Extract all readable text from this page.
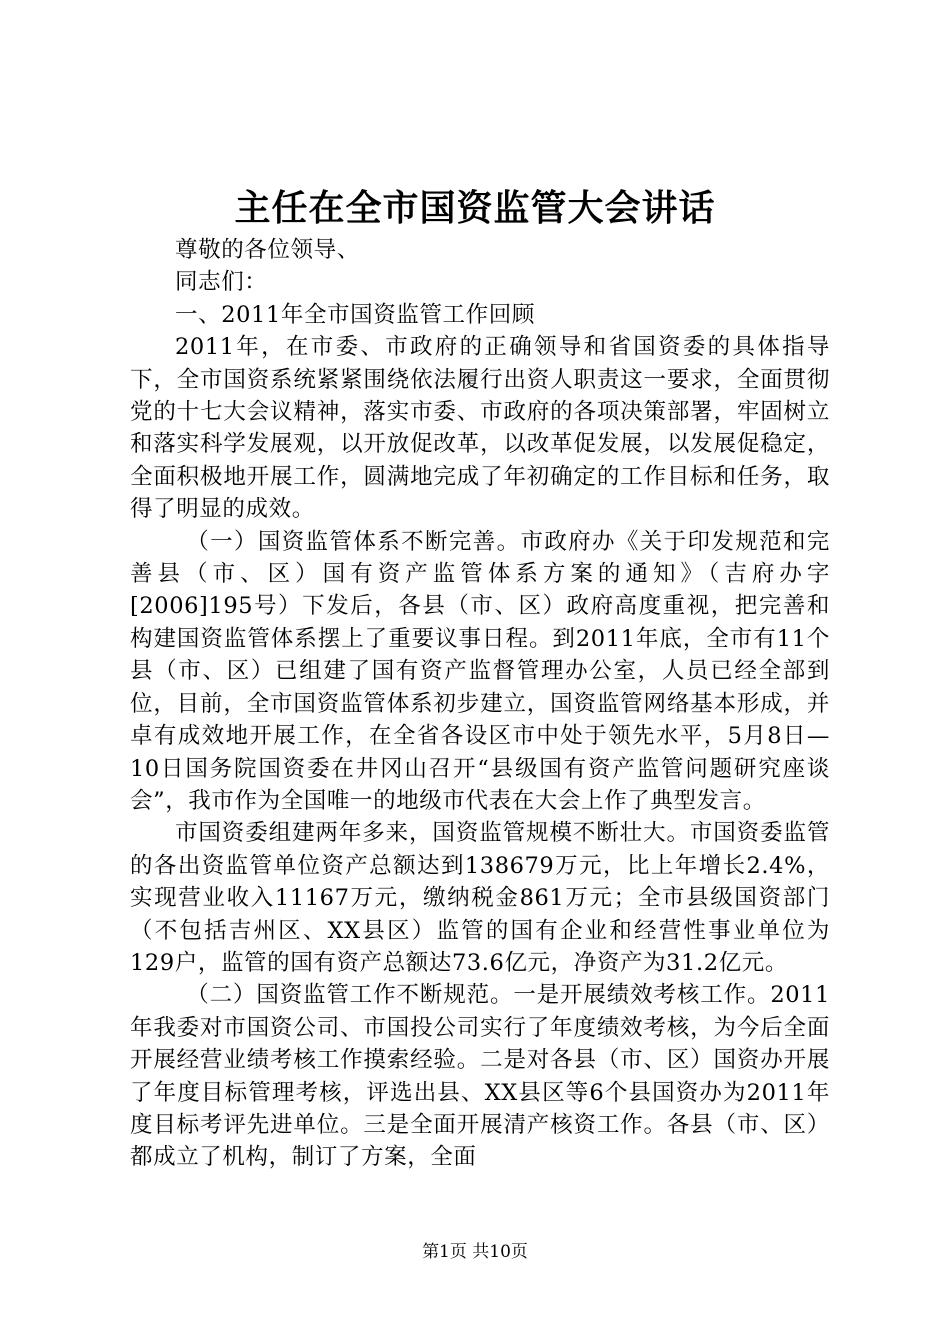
主任在全市国资监管大会讲话

尊敬的各位领导、

同志们：

一、2011年全市国资监管工作回顾

2011年，在市委、市政府的正确领导和省国资委的具体指导下，全市国资系统紧紧围绕依法履行出资人职责这一要求，全面贯彻党的十七大会议精神，落实市委、市政府的各项决策部署，牢固树立和落实科学发展观，以开放促改革，以改革促发展，以发展促稳定，全面积极地开展工作，圆满地完成了年初确定的工作目标和任务，取得了明显的成效。

（一）国资监管体系不断完善。市政府办《关于印发规范和完善县（市、区）国有资产监管体系方案的通知》（吉府办字[2006]195号）下发后，各县（市、区）政府高度重视，把完善和构建国资监管体系摆上了重要议事日程。到2011年底，全市有11个县（市、区）已组建了国有资产监督管理办公室，人员已经全部到位，目前，全市国资监管体系初步建立，国资监管网络基本形成，并卓有成效地开展工作，在全省各设区市中处于领先水平，5月8日—10日国务院国资委在井冈山召开“县级国有资产监管问题研究座谈会”，我市作为全国唯一的地级市代表在大会上作了典型发言。

市国资委组建两年多来，国资监管规模不断壮大。市国资委监管的各出资监管单位资产总额达到138679万元，比上年增长2.4%，实现营业收入11167万元，缴纳税金861万元；全市县级国资部门（不包括吉州区、XX县区）监管的国有企业和经营性事业单位为129户，监管的国有资产总额达73.6亿元，净资产为31.2亿元。

（二）国资监管工作不断规范。一是开展绩效考核工作。2011年我委对市国资公司、市国投公司实行了年度绩效考核，为今后全面开展经营业绩考核工作摸索经验。二是对各县（市、区）国资办开展了年度目标管理考核，评选出县、XX县区等6个县国资办为2011年度目标考评先进单位。三是全面开展清产核资工作。各县（市、区）都成立了机构，制订了方案，全面

第1页 共10页
